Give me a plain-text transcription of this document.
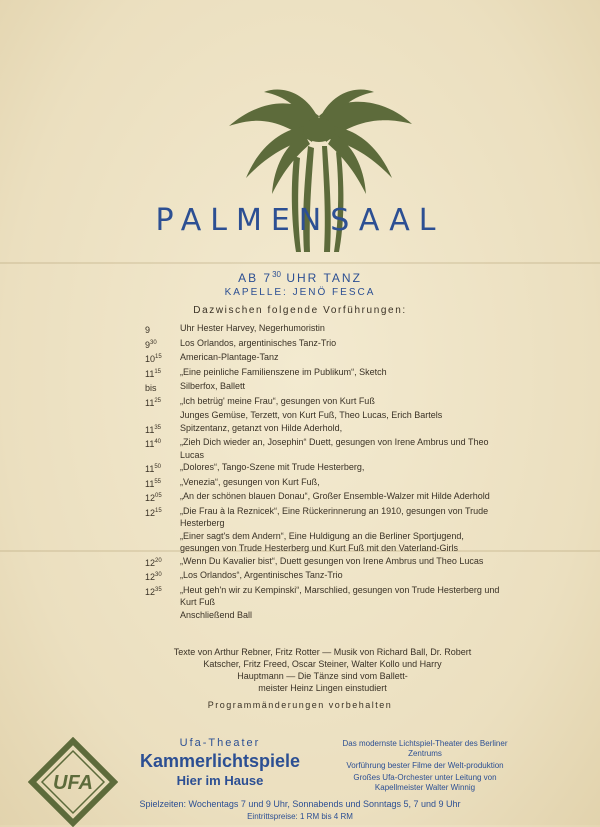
PALMENSAAL
AB $7^{30}$ UHR TANZ
KAPELLE: JENÖ FESCA
Dazwischen folgende Vorführungen:
9	Uhr Hester Harvey, Negerhumoristin
$9^{30}$	Los Orlandos, argentinisches Tanz-Trio
$10^{15}$	American-Plantage-Tanz
$11^{15}$	„Eine peinliche Familienszene im Publikum“, Sketch
bis	Silberfox, Ballett
$11^{25}$	„Ich betrüg' meine Frau“, gesungen von Kurt Fuß
Junges Gemüse, Terzett, von Kurt Fuß, Theo Lucas, Erich Bartels
$11^{35}$	Spitzentanz, getanzt von Hilde Aderhold,
$11^{40}$	„Zieh Dich wieder an, Josephin“ Duett, gesungen von Irene Ambrus und Theo Lucas
$11^{50}$	„Dolores“, Tango-Szene mit Trude Hesterberg,
$11^{55}$	„Venezia“, gesungen von Kurt Fuß,
$12^{05}$	„An der schönen blauen Donau“, Großer Ensemble-Walzer mit Hilde Aderhold
$12^{15}$	„Die Frau à la Reznicek“, Eine Rückerinnerung an 1910, gesungen von Trude Hesterberg
„Einer sagt's dem Andern“, Eine Huldigung an die Berliner Sportjugend, gesungen von Trude Hesterberg und Kurt Fuß mit den Vaterland-Girls
$12^{20}$	„Wenn Du Kavalier bist“, Duett gesungen von Irene Ambrus und Theo Lucas
$12^{30}$	„Los Orlandos“, Argentinisches Tanz-Trio
$12^{35}$	„Heut geh'n wir zu Kempinski“, Marschlied, gesungen von Trude Hesterberg und Kurt Fuß
Anschließend Ball
Texte von Arthur Rebner, Fritz Rotter — Musik von Richard Ball, Dr. Robert
Katscher, Fritz Freed, Oscar Steiner, Walter Kollo und Harry
Hauptmann — Die Tänze sind vom Ballett-
meister Heinz Lingen einstudiert
Programmänderungen vorbehalten
UFA
Ufa-Theater
Kammerlichtspiele
Hier im Hause
Das modernste Lichtspiel-Theater des Berliner Zentrums
Vorführung bester Filme der Welt-produktion
Großes Ufa-Orchester unter Leitung von Kapellmeister Walter Winnig
Spielzeiten: Wochentags 7 und 9 Uhr, Sonnabends und Sonntags 5, 7 und 9 Uhr
Eintrittspreise: 1 RM bis 4 RM
